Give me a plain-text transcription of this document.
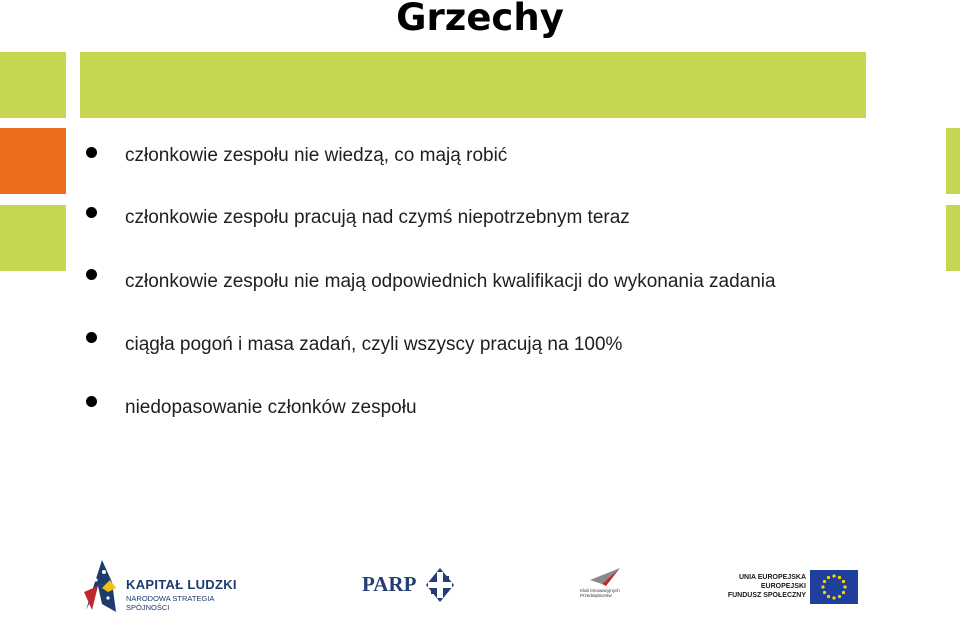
Grzechy
członkowie zespołu nie wiedzą, co mają robić
członkowie zespołu pracują nad czymś niepotrzebnym teraz
członkowie zespołu nie mają odpowiednich kwalifikacji do wykonania zadania
ciągła pogoń i masa zadań, czyli wszyscy pracują na 100%
niedopasowanie członków zespołu
KAPITAŁ LUDZKI
NARODOWA STRATEGIA SPÓJNOŚCI
PARP	Klub Innowacyjnych Przedsiębiorstw
UNIA EUROPEJSKA
EUROPEJSKI
FUNDUSZ SPOŁECZNY
